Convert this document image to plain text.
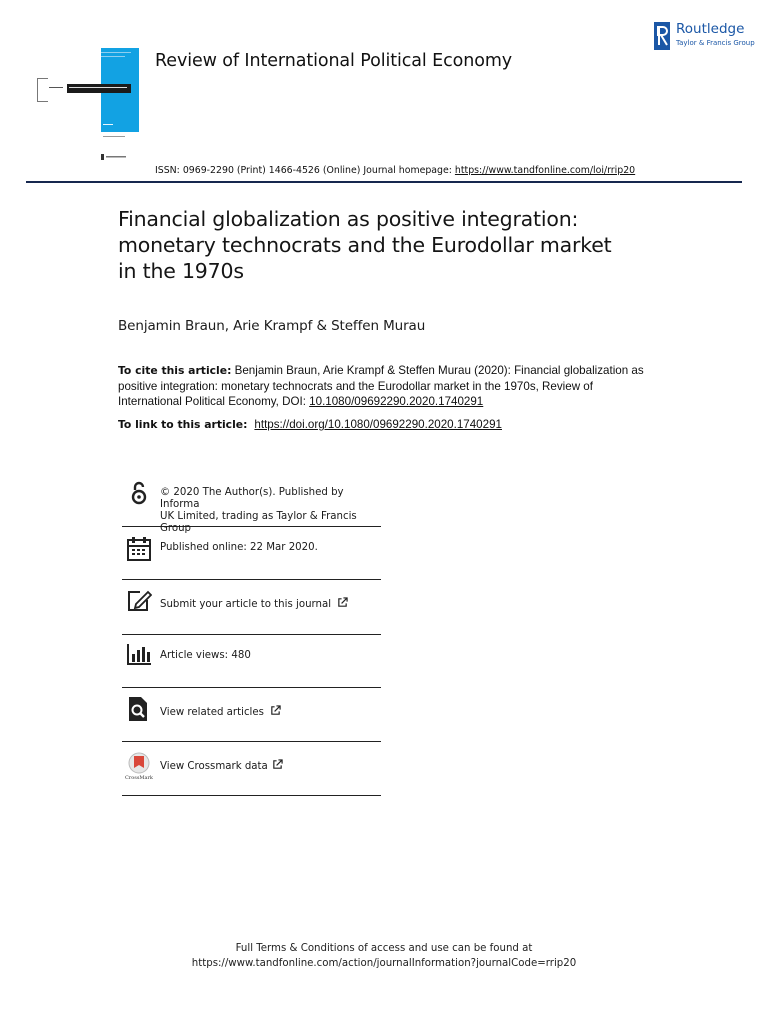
Review of International Political Economy
Routledge
Taylor & Francis Group
ISSN: 0969-2290 (Print) 1466-4526 (Online) Journal homepage: https://www.tandfonline.com/loi/rrip20
Financial globalization as positive integration:
monetary technocrats and the Eurodollar market
in the 1970s
Benjamin Braun, Arie Krampf & Steffen Murau
To cite this article: Benjamin Braun, Arie Krampf & Steffen Murau (2020): Financial globalization as positive integration: monetary technocrats and the Eurodollar market in the 1970s, Review of International Political Economy, DOI: 10.1080/09692290.2020.1740291
To link to this article:  https://doi.org/10.1080/09692290.2020.1740291
© 2020 The Author(s). Published by Informa
UK Limited, trading as Taylor & Francis
Group
Published online: 22 Mar 2020.
Submit your article to this journal
Article views: 480
View related articles
CrossMark
View Crossmark data
Full Terms & Conditions of access and use can be found at
https://www.tandfonline.com/action/journalInformation?journalCode=rrip20
